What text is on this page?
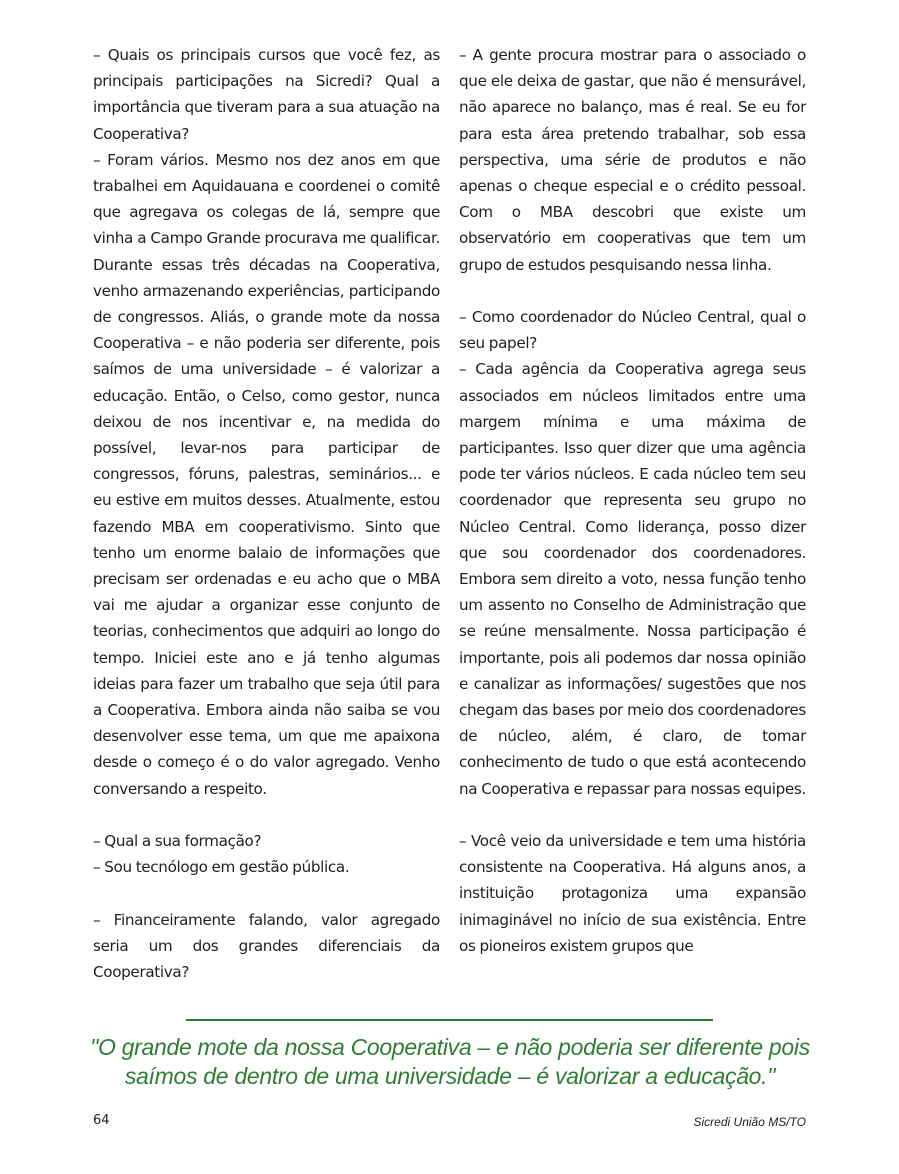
– Quais os principais cursos que você fez, as principais participações na Sicredi? Qual a importância que tiveram para a sua atuação na Cooperativa?

– Foram vários. Mesmo nos dez anos em que trabalhei em Aquidauana e coordenei o comitê que agregava os colegas de lá, sempre que vinha a Campo Grande procurava me qualificar. Durante essas três décadas na Cooperativa, venho armazenando experiências, participando de congressos. Aliás, o grande mote da nossa Cooperativa – e não poderia ser diferente, pois saímos de uma universidade – é valorizar a educação. Então, o Celso, como gestor, nunca deixou de nos incentivar e, na medida do possível, levar-nos para participar de congressos, fóruns, palestras, seminários... e eu estive em muitos desses. Atualmente, estou fazendo MBA em cooperativismo. Sinto que tenho um enorme balaio de informações que precisam ser ordenadas e eu acho que o MBA vai me ajudar a organizar esse conjunto de teorias, conhecimentos que adquiri ao longo do tempo. Iniciei este ano e já tenho algumas ideias para fazer um trabalho que seja útil para a Cooperativa. Embora ainda não saiba se vou desenvolver esse tema, um que me apaixona desde o começo é o do valor agregado. Venho conversando a respeito.

– Qual a sua formação?

– Sou tecnólogo em gestão pública.

– Financeiramente falando, valor agregado seria um dos grandes diferenciais da Cooperativa?

– A gente procura mostrar para o associado o que ele deixa de gastar, que não é mensurável, não aparece no balanço, mas é real. Se eu for para esta área pretendo trabalhar, sob essa perspectiva, uma série de produtos e não apenas o cheque especial e o crédito pessoal. Com o MBA descobri que existe um observatório em cooperativas que tem um grupo de estudos pesquisando nessa linha.

– Como coordenador do Núcleo Central, qual o seu papel?

– Cada agência da Cooperativa agrega seus associados em núcleos limitados entre uma margem mínima e uma máxima de participantes. Isso quer dizer que uma agência pode ter vários núcleos. E cada núcleo tem seu coordenador que representa seu grupo no Núcleo Central. Como liderança, posso dizer que sou coordenador dos coordenadores. Embora sem direito a voto, nessa função tenho um assento no Conselho de Administração que se reúne mensalmente. Nossa participação é importante, pois ali podemos dar nossa opinião e canalizar as informações/ sugestões que nos chegam das bases por meio dos coordenadores de núcleo, além, é claro, de tomar conhecimento de tudo o que está acontecendo na Cooperativa e repassar para nossas equipes.

– Você veio da universidade e tem uma história consistente na Cooperativa. Há alguns anos, a instituição protagoniza uma expansão inimaginável no início de sua existência. Entre os pioneiros existem grupos que

"O grande mote da nossa Cooperativa – e não poderia ser diferente pois saímos de dentro de uma universidade – é valorizar a educação."
64	Sicredi União MS/TO
